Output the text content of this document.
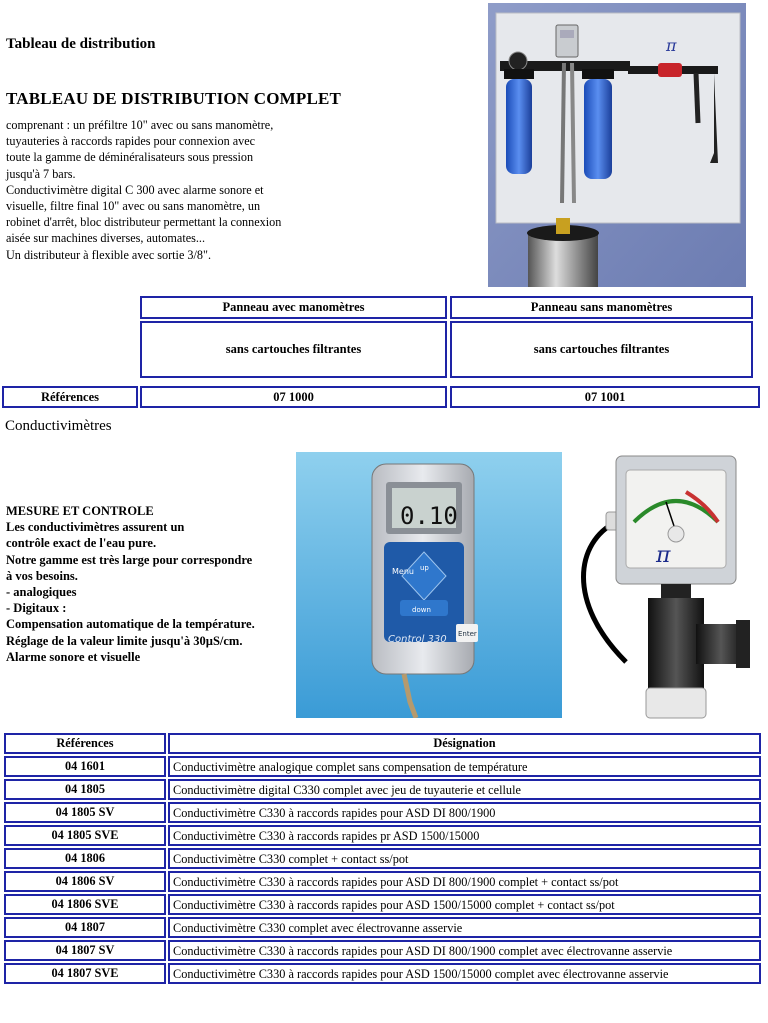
Tableau de distribution
TABLEAU DE DISTRIBUTION COMPLET
comprenant : un préfiltre 10" avec ou sans manomètre,
tuyauteries à raccords rapides pour connexion avec
toute la gamme de déminéralisateurs sous pression
jusqu'à 7 bars.
Conductivimètre digital C 300 avec alarme sonore et
visuelle, filtre final 10" avec ou sans manomètre, un
robinet d'arrêt, bloc distributeur permettant la connexion
aisée sur machines diverses, automates...
Un distributeur à flexible avec sortie 3/8".
π
Panneau avec manomètres	Panneau sans manomètres
sans cartouches filtrantes	sans cartouches filtrantes
Références	07 1000	07 1001
Conductivimètres
MESURE ET CONTROLE
Les conductivimètres assurent un
contrôle exact de l'eau pure.
Notre gamme est très large pour correspondre
à vos besoins.
- analogiques
- Digitaux :
Compensation automatique de la température.
Réglage de la valeur limite jusqu'à 30µS/cm.
Alarme sonore et visuelle
0.10
Menu up
down
Enter
Control 330
π
Références	Désignation
04 1601	Conductivimètre analogique complet sans compensation de température
04 1805	Conductivimètre digital C330 complet avec jeu de tuyauterie et cellule
04 1805 SV	Conductivimètre C330 à raccords rapides pour ASD DI 800/1900
04 1805 SVE	Conductivimètre C330 à raccords rapides pr ASD 1500/15000
04 1806	Conductivimètre C330 complet + contact ss/pot
04 1806 SV	Conductivimètre C330 à raccords rapides pour ASD DI 800/1900 complet + contact ss/pot
04 1806 SVE	Conductivimètre C330 à raccords rapides pour ASD 1500/15000 complet + contact ss/pot
04 1807	Conductivimètre C330 complet avec électrovanne asservie
04 1807 SV	Conductivimètre C330 à raccords rapides pour ASD DI 800/1900 complet avec électrovanne asservie
04 1807 SVE	Conductivimètre C330 à raccords rapides pour ASD 1500/15000 complet avec électrovanne asservie
